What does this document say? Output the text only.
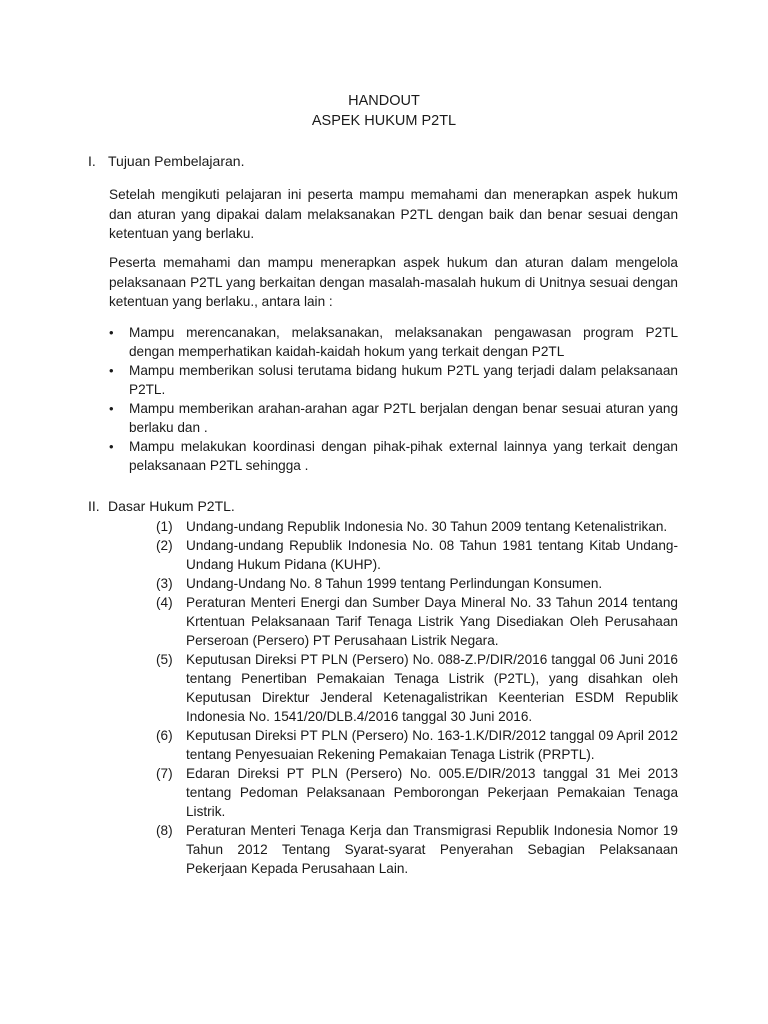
HANDOUT
ASPEK HUKUM P2TL
I. Tujuan Pembelajaran.

Setelah mengikuti pelajaran ini peserta mampu memahami dan menerapkan aspek hukum dan aturan yang dipakai dalam melaksanakan P2TL dengan baik dan benar sesuai dengan ketentuan yang berlaku.

Peserta memahami dan mampu menerapkan aspek hukum dan aturan dalam mengelola pelaksanaan P2TL yang berkaitan dengan masalah-masalah hukum di Unitnya sesuai dengan ketentuan yang berlaku., antara lain :

• Mampu merencanakan, melaksanakan, melaksanakan pengawasan program P2TL dengan memperhatikan kaidah-kaidah hokum yang terkait dengan P2TL
• Mampu memberikan solusi terutama bidang hukum P2TL yang terjadi dalam pelaksanaan P2TL.
• Mampu memberikan arahan-arahan agar P2TL berjalan dengan benar sesuai aturan yang berlaku dan .
• Mampu melakukan koordinasi dengan pihak-pihak external lainnya yang terkait dengan pelaksanaan P2TL sehingga .
II. Dasar Hukum P2TL.
(1) Undang-undang Republik Indonesia No. 30 Tahun 2009 tentang Ketenalistrikan.
(2) Undang-undang Republik Indonesia No. 08 Tahun 1981 tentang Kitab Undang-Undang Hukum Pidana (KUHP).
(3) Undang-Undang No. 8 Tahun 1999 tentang Perlindungan Konsumen.
(4) Peraturan Menteri Energi dan Sumber Daya Mineral No. 33 Tahun 2014 tentang Krtentuan Pelaksanaan Tarif Tenaga Listrik Yang Disediakan Oleh Perusahaan Perseroan (Persero) PT Perusahaan Listrik Negara.
(5) Keputusan Direksi PT PLN (Persero) No. 088-Z.P/DIR/2016 tanggal 06 Juni 2016 tentang Penertiban Pemakaian Tenaga Listrik (P2TL), yang disahkan oleh Keputusan Direktur Jenderal Ketenagalistrikan Keenterian ESDM Republik Indonesia No. 1541/20/DLB.4/2016 tanggal 30 Juni 2016.
(6) Keputusan Direksi PT PLN (Persero) No. 163-1.K/DIR/2012 tanggal 09 April 2012 tentang Penyesuaian Rekening Pemakaian Tenaga Listrik (PRPTL).
(7) Edaran Direksi PT PLN (Persero) No. 005.E/DIR/2013 tanggal 31 Mei 2013 tentang Pedoman Pelaksanaan Pemborongan Pekerjaan Pemakaian Tenaga Listrik.
(8) Peraturan Menteri Tenaga Kerja dan Transmigrasi Republik Indonesia Nomor 19 Tahun 2012 Tentang Syarat-syarat Penyerahan Sebagian Pelaksanaan Pekerjaan Kepada Perusahaan Lain.
